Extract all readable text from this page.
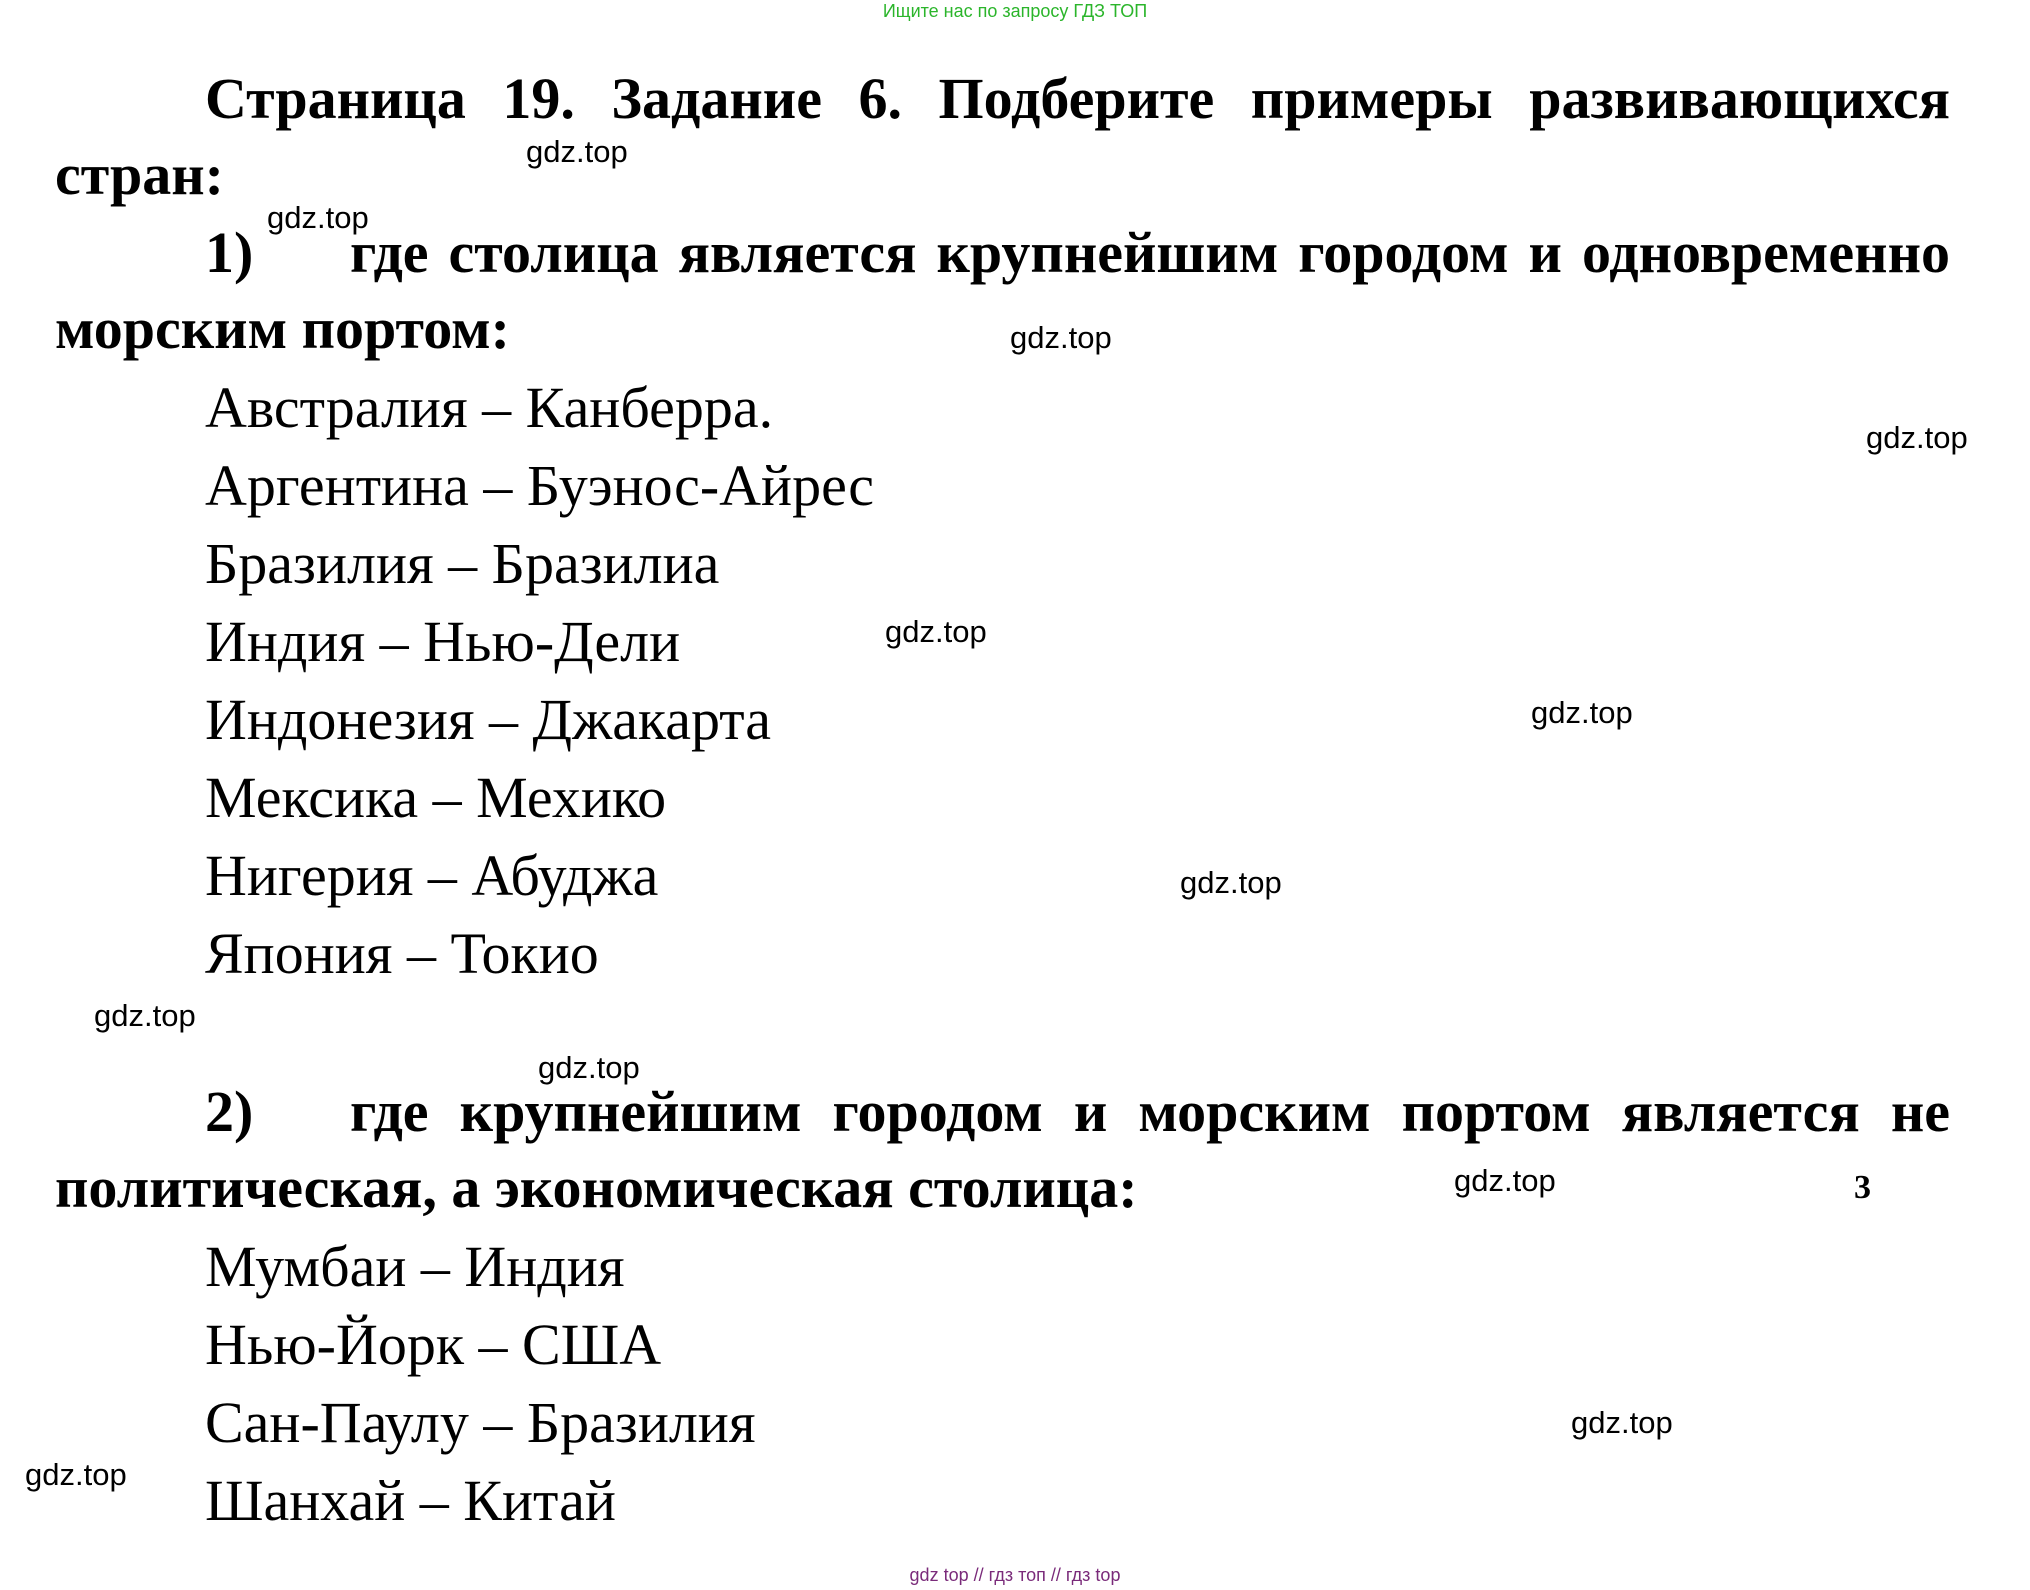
Ищите нас по запросу ГДЗ ТОП
Страница 19. Задание 6. Подберите примеры развивающихся
стран:
1) где столица является крупнейшим городом и одновременно
морским портом:
Австралия – Канберра.
Аргентина – Буэнос-Айрес
Бразилия – Бразилиа
Индия – Нью-Дели
Индонезия – Джакарта
Мексика – Мехико
Нигерия – Абуджа
Япония – Токио
2) где крупнейшим городом и морским портом является не
политическая, а экономическая столица:
Мумбаи – Индия
Нью-Йорк – США
Сан-Паулу – Бразилия
Шанхай – Китай
3
gdz.top
gdz.top
gdz.top
gdz.top
gdz.top
gdz.top
gdz.top
gdz.top
gdz.top
gdz.top
gdz.top
gdz.top
gdz top // гдз топ // гдз top
